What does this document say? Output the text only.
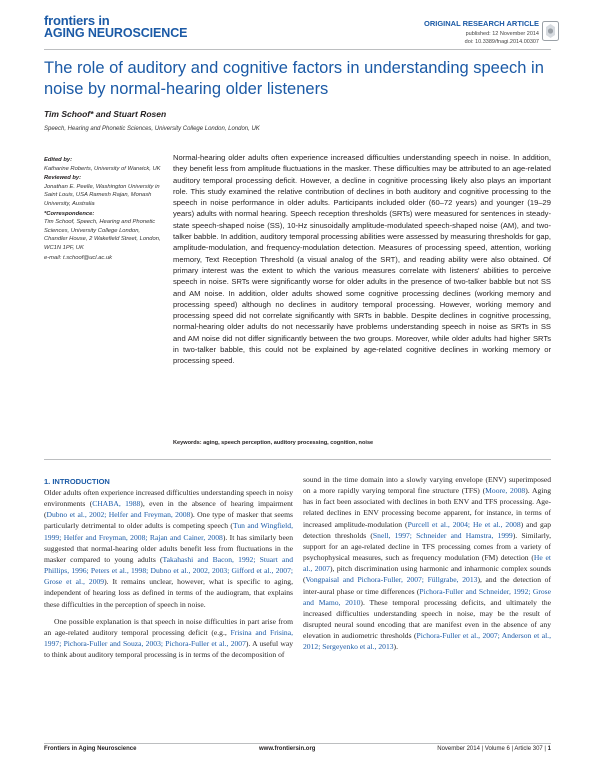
frontiers in
AGING NEUROSCIENCE
ORIGINAL RESEARCH ARTICLE
published: 12 November 2014
doi: 10.3389/fnagi.2014.00307
The role of auditory and cognitive factors in understanding speech in noise by normal-hearing older listeners
Tim Schoof* and Stuart Rosen
Speech, Hearing and Phonetic Sciences, University College London, London, UK
Edited by:
Katharine Roberts, University of Warwick, UK
Reviewed by:
Jonathan E. Peelle, Washington University in Saint Louis, USA Ramesh Rajan, Monash University, Australia
*Correspondence:
Tim Schoof, Speech, Hearing and Phonetic Sciences, University College London, Chandler House, 2 Wakefield Street, London, WC1N 1PF, UK
e-mail: t.schoof@ucl.ac.uk
Normal-hearing older adults often experience increased difficulties understanding speech in noise. In addition, they benefit less from amplitude fluctuations in the masker. These difficulties may be attributed to an age-related auditory temporal processing deficit. However, a decline in cognitive processing likely also plays an important role. This study examined the relative contribution of declines in both auditory and cognitive processing to the speech in noise performance in older adults. Participants included older (60–72 years) and younger (19–29 years) adults with normal hearing. Speech reception thresholds (SRTs) were measured for sentences in steady-state speech-shaped noise (SS), 10-Hz sinusoidally amplitude-modulated speech-shaped noise (AM), and two-talker babble. In addition, auditory temporal processing abilities were assessed by measuring thresholds for gap, amplitude-modulation, and frequency-modulation detection. Measures of processing speed, attention, working memory, Text Reception Threshold (a visual analog of the SRT), and reading ability were also obtained. Of primary interest was the extent to which the various measures correlate with listeners' abilities to perceive speech in noise. SRTs were significantly worse for older adults in the presence of two-talker babble but not SS and AM noise. In addition, older adults showed some cognitive processing declines (working memory and processing speed) although no declines in auditory temporal processing. However, working memory and processing speed did not correlate significantly with SRTs in babble. Despite declines in cognitive processing, normal-hearing older adults do not necessarily have problems understanding speech in noise as SRTs in SS and AM noise did not differ significantly between the two groups. Moreover, while older adults had higher SRTs in two-talker babble, this could not be explained by age-related cognitive declines in working memory or processing speed.
Keywords: aging, speech perception, auditory processing, cognition, noise
1. INTRODUCTION

Older adults often experience increased difficulties understanding speech in noisy environments (CHABA, 1988), even in the absence of hearing impairment (Dubno et al., 2002; Helfer and Freyman, 2008). One type of masker that seems particularly detrimental to older adults is competing speech (Tun and Wingfield, 1999; Helfer and Freyman, 2008; Rajan and Cainer, 2008). It has similarly been suggested that normal-hearing older adults benefit less from fluctuations in the masker compared to young adults (Takahashi and Bacon, 1992; Stuart and Phillips, 1996; Peters et al., 1998; Dubno et al., 2002, 2003; Gifford et al., 2007; Grose et al., 2009). It remains unclear, however, what is specific to aging, independent of hearing loss as defined in terms of the audiogram, that explains these difficulties in the perception of speech in noise.

One possible explanation is that speech in noise difficulties in part arise from an age-related auditory temporal processing deficit (e.g., Frisina and Frisina, 1997; Pichora-Fuller and Souza, 2003; Pichora-Fuller et al., 2007). A useful way to think about auditory temporal processing is in terms of the decomposition of

sound in the time domain into a slowly varying envelope (ENV) superimposed on a more rapidly varying temporal fine structure (TFS) (Moore, 2008). Aging has in fact been associated with declines in both ENV and TFS processing. Age-related declines in ENV processing become apparent, for instance, in terms of increased amplitude-modulation (Purcell et al., 2004; He et al., 2008) and gap detection thresholds (Snell, 1997; Schneider and Hamstra, 1999). Similarly, support for an age-related decline in TFS processing comes from a variety of psychophysical measures, such as frequency modulation (FM) detection (He et al., 2007), pitch discrimination using harmonic and inharmonic complex sounds (Vongpaisal and Pichora-Fuller, 2007; Füllgrabe, 2013), and the detection of inter-aural phase or time differences (Pichora-Fuller and Schneider, 1992; Grose and Mamo, 2010). These temporal processing deficits, and ultimately the increased difficulties understanding speech in noise, may be the result of disrupted neural sound encoding that are manifest even in the absence of any elevation in audiometric thresholds (Pichora-Fuller et al., 2007; Anderson et al., 2012; Sergeyenko et al., 2013).

Frontiers in Aging Neuroscience	www.frontiersin.org	November 2014 | Volume 6 | Article 307 | 1
